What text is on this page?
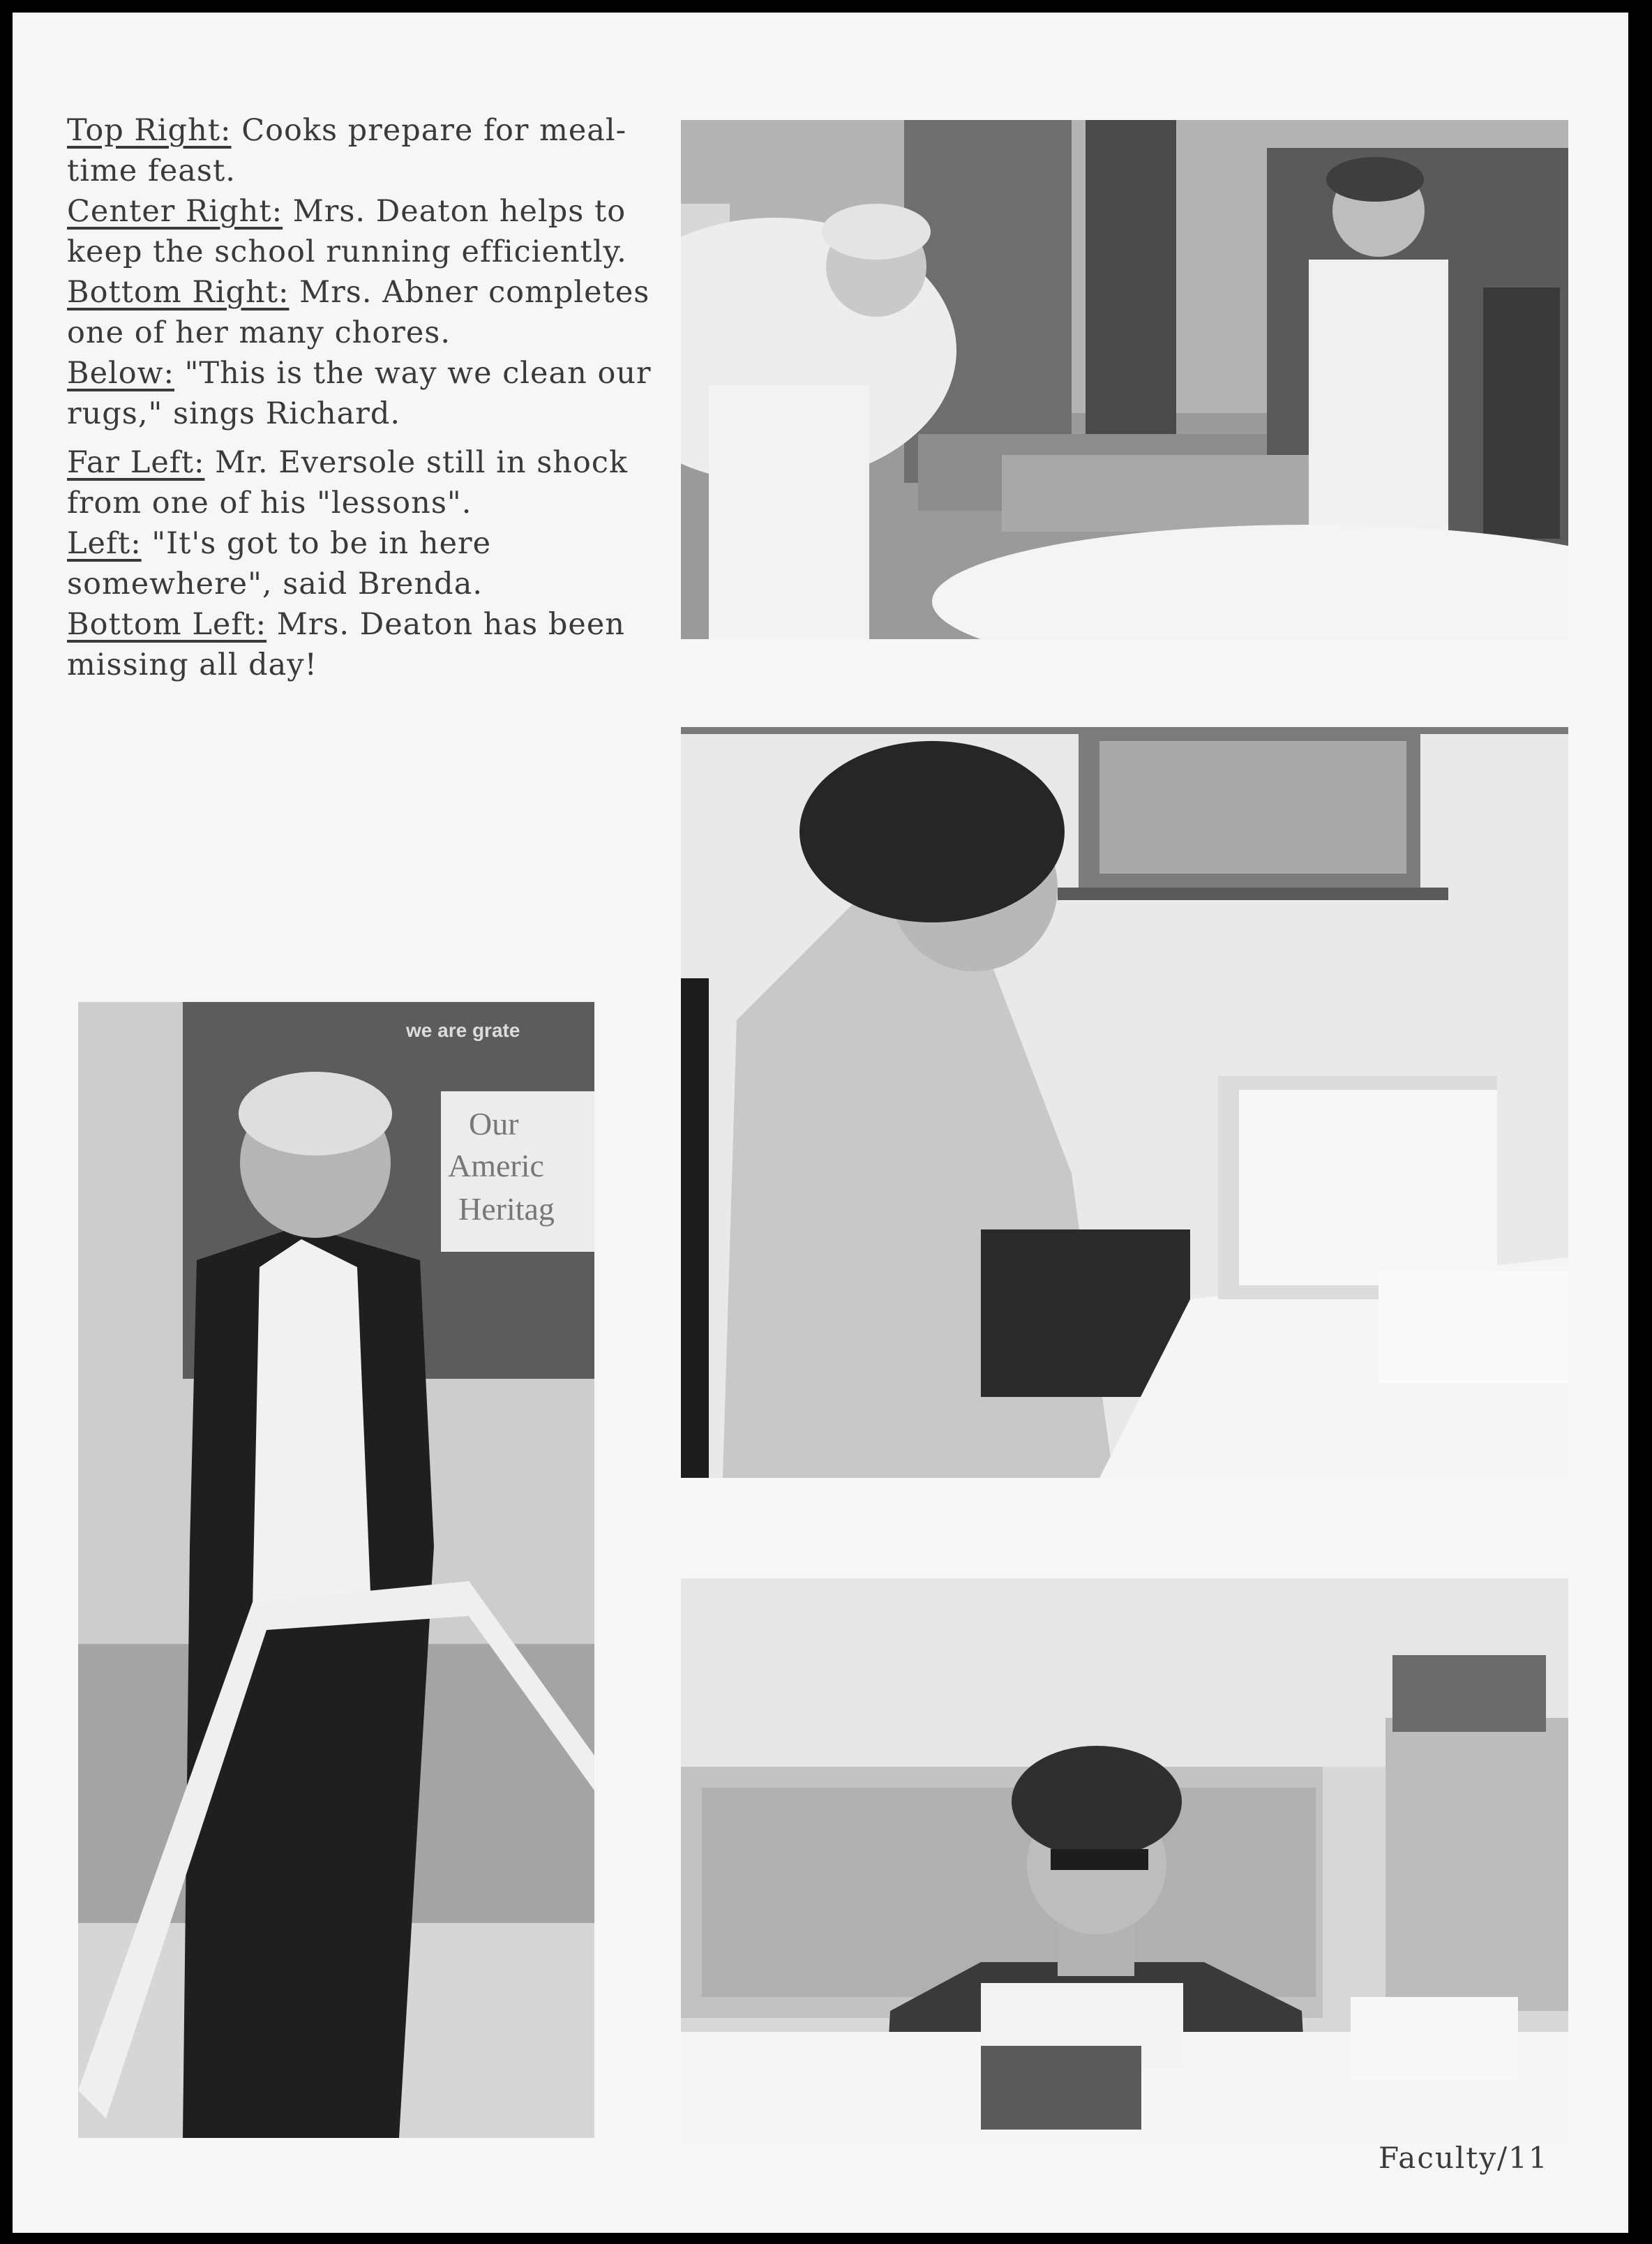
Top Right: Cooks prepare for meal-time feast.

Center Right: Mrs. Deaton helps to keep the school running efficiently.

Bottom Right: Mrs. Abner completes one of her many chores.

Below: "This is the way we clean our rugs," sings Richard.

Far Left: Mr. Eversole still in shock from one of his "lessons".

Left: "It's got to be in here somewhere", said Brenda.

Bottom Left: Mrs. Deaton has been missing all day!

we are grate
Our
Americ
Heritag
Faculty/11
